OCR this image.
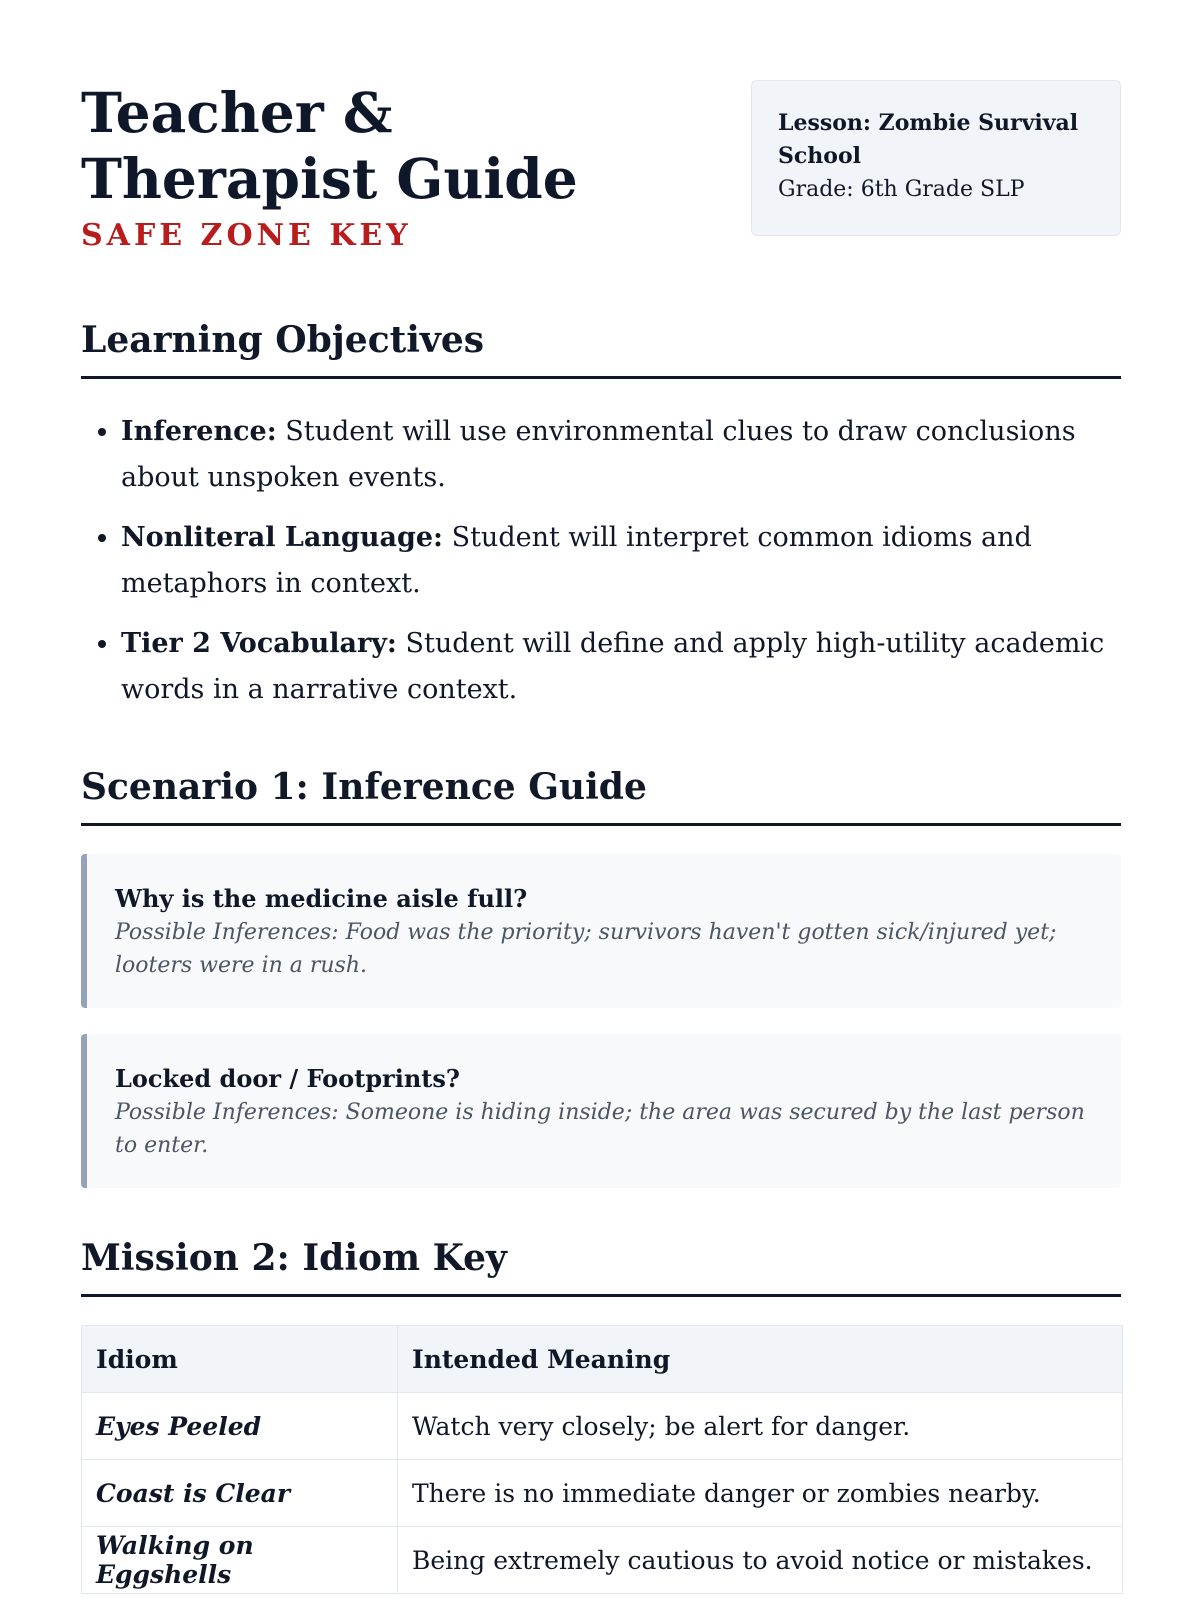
Teacher & Therapist Guide
SAFE ZONE KEY
Lesson: Zombie Survival School
Grade: 6th Grade SLP
Learning Objectives
• Inference: Student will use environmental clues to draw conclusions about unspoken events.
• Nonliteral Language: Student will interpret common idioms and metaphors in context.
• Tier 2 Vocabulary: Student will define and apply high-utility academic words in a narrative context.
Scenario 1: Inference Guide

Why is the medicine aisle full?

Possible Inferences: Food was the priority; survivors haven't gotten sick/injured yet; looters were in a rush.

Locked door / Footprints?

Possible Inferences: Someone is hiding inside; the area was secured by the last person to enter.

Mission 2: Idiom Key
Idiom	Intended Meaning
Eyes Peeled	Watch very closely; be alert for danger.
Coast is Clear	There is no immediate danger or zombies nearby.
Walking on Eggshells	Being extremely cautious to avoid notice or mistakes.
